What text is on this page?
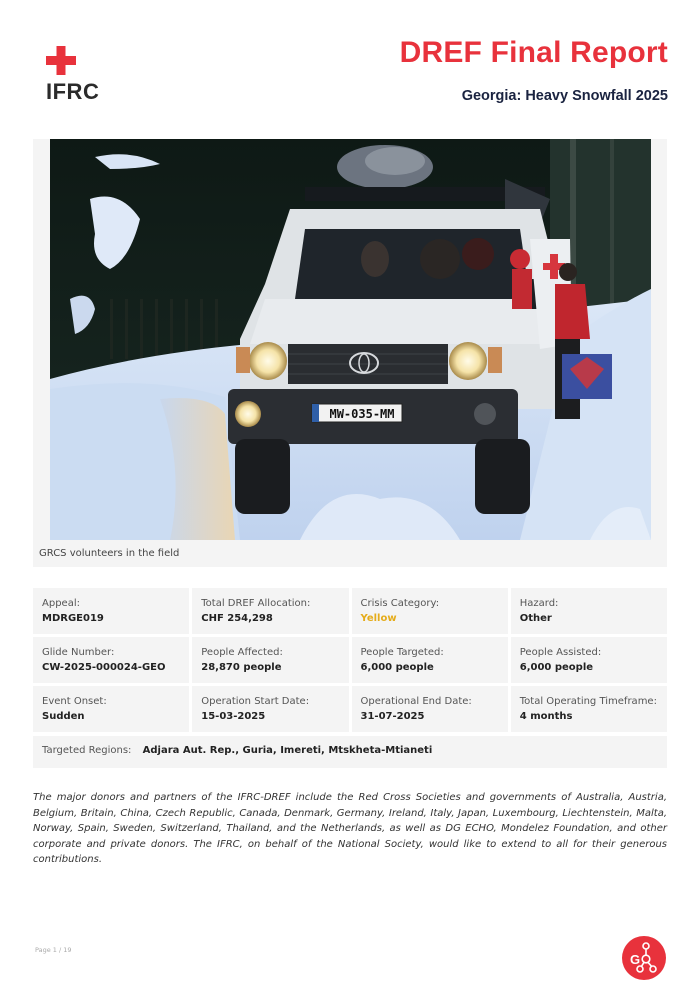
IFRC
DREF Final Report
Georgia: Heavy Snowfall 2025
MW-035-MM
GRCS volunteers in the field
Appeal:
MDRGE019
Total DREF Allocation:
CHF 254,298
Crisis Category:
Yellow
Hazard:
Other
Glide Number:
CW-2025-000024-GEO
People Affected:
28,870 people
People Targeted:
6,000 people
People Assisted:
6,000 people
Event Onset:
Sudden
Operation Start Date:
15-03-2025
Operational End Date:
31-07-2025
Total Operating Timeframe:
4 months
Targeted Regions: Adjara Aut. Rep., Guria, Imereti, Mtskheta-Mtianeti

The major donors and partners of the IFRC-DREF include the Red Cross Societies and governments of Australia, Austria, Belgium, Britain, China, Czech Republic, Canada, Denmark, Germany, Ireland, Italy, Japan, Luxembourg, Liechtenstein, Malta, Norway, Spain, Sweden, Switzerland, Thailand, and the Netherlands, as well as DG ECHO, Mondelez Foundation, and other corporate and private donors. The IFRC, on behalf of the National Society, would like to extend to all for their generous contributions.

Page 1 / 19
G
